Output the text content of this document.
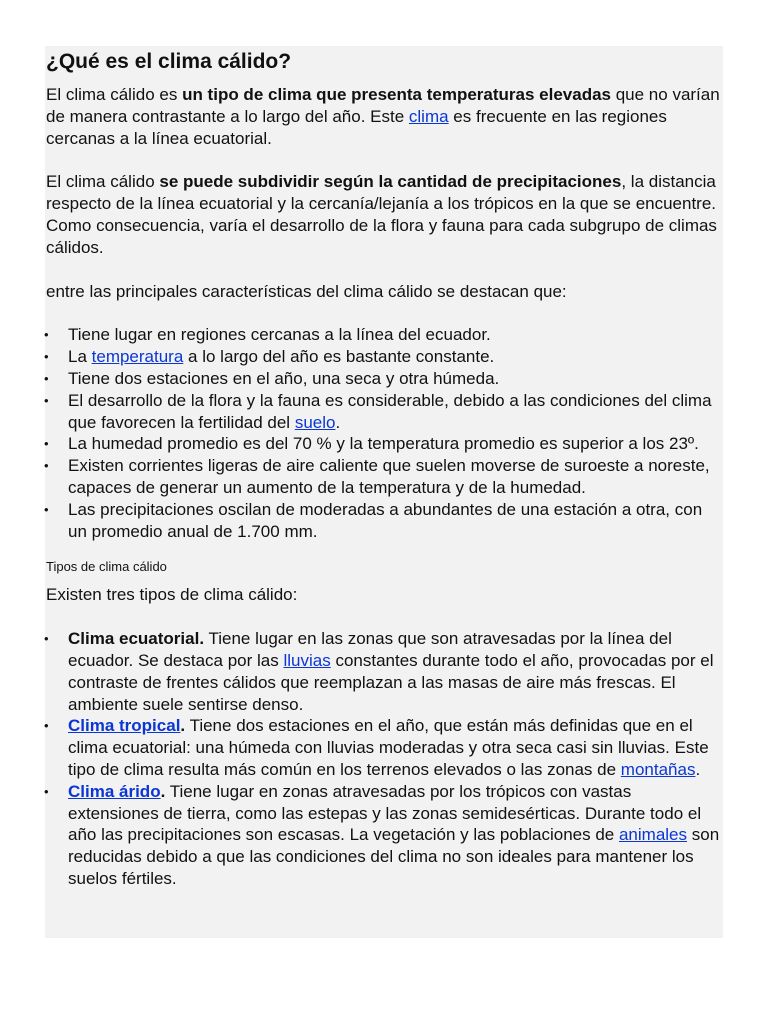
¿Qué es el clima cálido?

El clima cálido es un tipo de clima que presenta temperaturas elevadas que no varían de manera contrastante a lo largo del año. Este clima es frecuente en las regiones cercanas a la línea ecuatorial.

El clima cálido se puede subdividir según la cantidad de precipitaciones, la distancia respecto de la línea ecuatorial y la cercanía/lejanía a los trópicos en la que se encuentre. Como consecuencia, varía el desarrollo de la flora y fauna para cada subgrupo de climas cálidos.

entre las principales características del clima cálido se destacan que:

• Tiene lugar en regiones cercanas a la línea del ecuador.
• La temperatura a lo largo del año es bastante constante.
• Tiene dos estaciones en el año, una seca y otra húmeda.
• El desarrollo de la flora y la fauna es considerable, debido a las condiciones del clima que favorecen la fertilidad del suelo.
• La humedad promedio es del 70 % y la temperatura promedio es superior a los 23º.
• Existen corrientes ligeras de aire caliente que suelen moverse de suroeste a noreste, capaces de generar un aumento de la temperatura y de la humedad.
• Las precipitaciones oscilan de moderadas a abundantes de una estación a otra, con un promedio anual de 1.700 mm.

Tipos de clima cálido

Existen tres tipos de clima cálido:

• Clima ecuatorial. Tiene lugar en las zonas que son atravesadas por la línea del ecuador. Se destaca por las lluvias constantes durante todo el año, provocadas por el contraste de frentes cálidos que reemplazan a las masas de aire más frescas. El ambiente suele sentirse denso.
• Clima tropical. Tiene dos estaciones en el año, que están más definidas que en el clima ecuatorial: una húmeda con lluvias moderadas y otra seca casi sin lluvias. Este tipo de clima resulta más común en los terrenos elevados o las zonas de montañas.
• Clima árido. Tiene lugar en zonas atravesadas por los trópicos con vastas extensiones de tierra, como las estepas y las zonas semidesérticas. Durante todo el año las precipitaciones son escasas. La vegetación y las poblaciones de animales son reducidas debido a que las condiciones del clima no son ideales para mantener los suelos fértiles.
